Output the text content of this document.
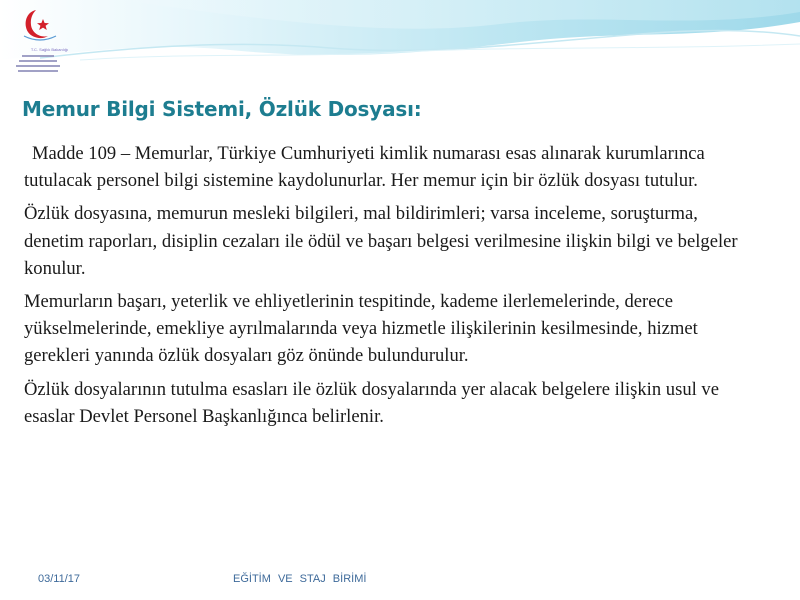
T.C. Sağlık Bakanlığı
Memur Bilgi Sistemi, Özlük Dosyası:

Madde 109 – Memurlar, Türkiye Cumhuriyeti kimlik numarası esas alınarak kurumlarınca tutulacak personel bilgi sistemine kaydolunurlar. Her memur için bir özlük dosyası tutulur.

Özlük dosyasına, memurun mesleki bilgileri, mal bildirimleri; varsa inceleme, soruşturma, denetim raporları, disiplin cezaları ile ödül ve başarı belgesi verilmesine ilişkin bilgi ve belgeler konulur.

Memurların başarı, yeterlik ve ehliyetlerinin tespitinde, kademe ilerlemelerinde, derece yükselmelerinde, emekliye ayrılmalarında veya hizmetle ilişkilerinin kesilmesinde, hizmet gerekleri yanında özlük dosyaları göz önünde bulundurulur.

Özlük dosyalarının tutulma esasları ile özlük dosyalarında yer alacak belgelere ilişkin usul ve esaslar Devlet Personel Başkanlığınca belirlenir.

03/11/17	EĞİTİM VE STAJ BİRİMİ
